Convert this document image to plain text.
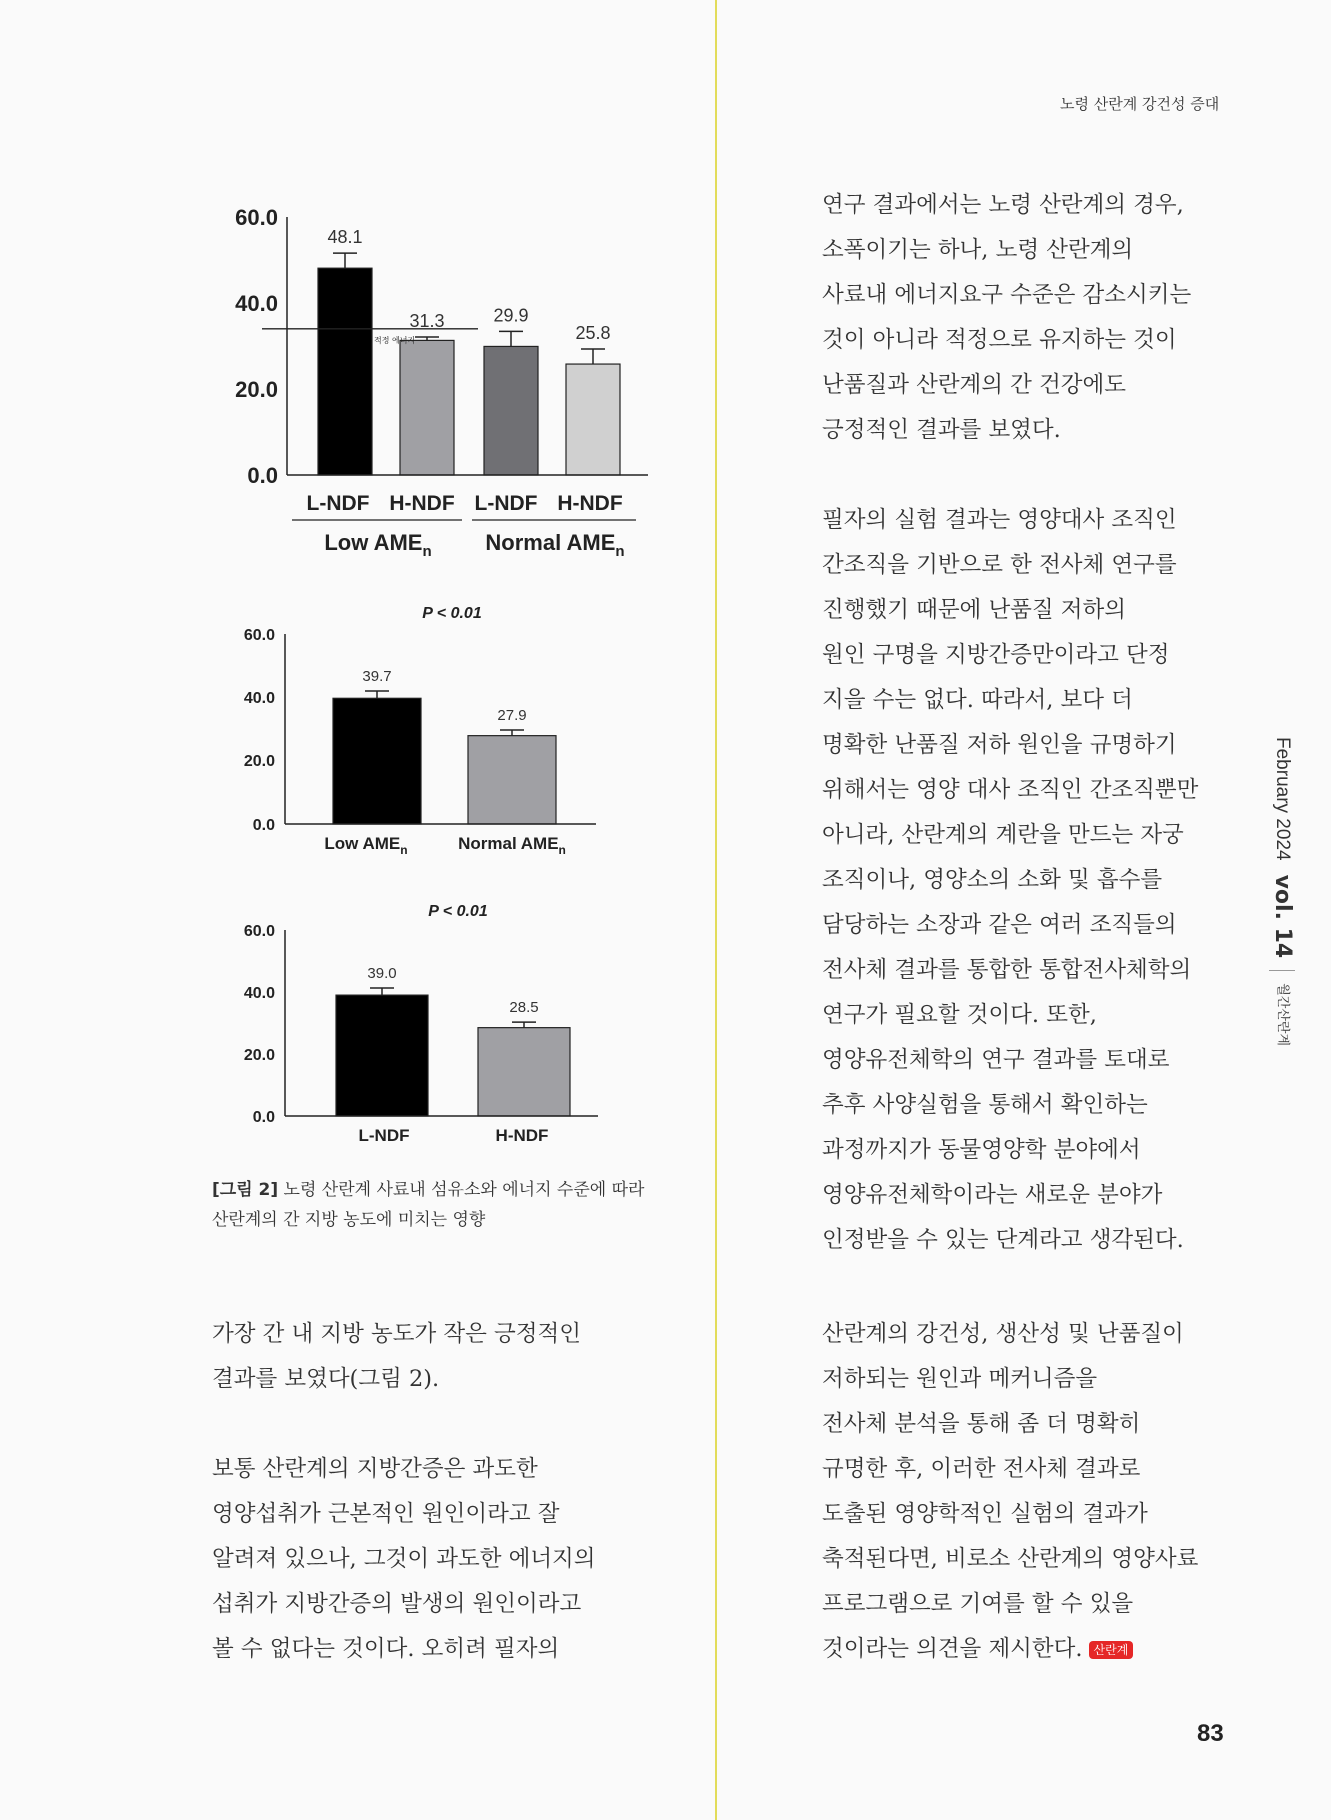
노령 산란계 강건성 증대
48.1
31.3	29.9
25.8
60.0
40.0
20.0
0.0
적정 에너지
L-NDF H-NDF L-NDF H-NDF
Low $AME_n$ Normal $AME_n$
P < 0.01
39.7
27.9
60.0
40.0
20.0
0.0
Low $AME_n$	Normal $AME_n$
P < 0.01
39.0
28.5
60.0
40.0
20.0
0.0
L-NDF	H-NDF
[그림 2] 노령 산란계 사료내 섬유소와 에너지 수준에 따라 산란계의 간 지방 농도에 미치는 영향
가장 간 내 지방 농도가 작은 긍정적인
결과를 보였다(그림 2).
보통 산란계의 지방간증은 과도한
영양섭취가 근본적인 원인이라고 잘
알려져 있으나, 그것이 과도한 에너지의
섭취가 지방간증의 발생의 원인이라고
볼 수 없다는 것이다. 오히려 필자의
연구 결과에서는 노령 산란계의 경우,
소폭이기는 하나, 노령 산란계의
사료내 에너지요구 수준은 감소시키는
것이 아니라 적정으로 유지하는 것이
난품질과 산란계의 간 건강에도
긍정적인 결과를 보였다.
필자의 실험 결과는 영양대사 조직인
간조직을 기반으로 한 전사체 연구를
진행했기 때문에 난품질 저하의
원인 구명을 지방간증만이라고 단정
지을 수는 없다. 따라서, 보다 더
명확한 난품질 저하 원인을 규명하기
위해서는 영양 대사 조직인 간조직뿐만
아니라, 산란계의 계란을 만드는 자궁
조직이나, 영양소의 소화 및 흡수를
담당하는 소장과 같은 여러 조직들의
전사체 결과를 통합한 통합전사체학의
연구가 필요할 것이다. 또한,
영양유전체학의 연구 결과를 토대로
추후 사양실험을 통해서 확인하는
과정까지가 동물영양학 분야에서
영양유전체학이라는 새로운 분야가
인정받을 수 있는 단계라고 생각된다.
산란계의 강건성, 생산성 및 난품질이
저하되는 원인과 메커니즘을
전사체 분석을 통해 좀 더 명확히
규명한 후, 이러한 전사체 결과로
도출된 영양학적인 실험의 결과가
축적된다면, 비로소 산란계의 영양사료
프로그램으로 기여를 할 수 있을
것이라는 의견을 제시한다. 산란계
February 2024vol. 14월간산란계
83
